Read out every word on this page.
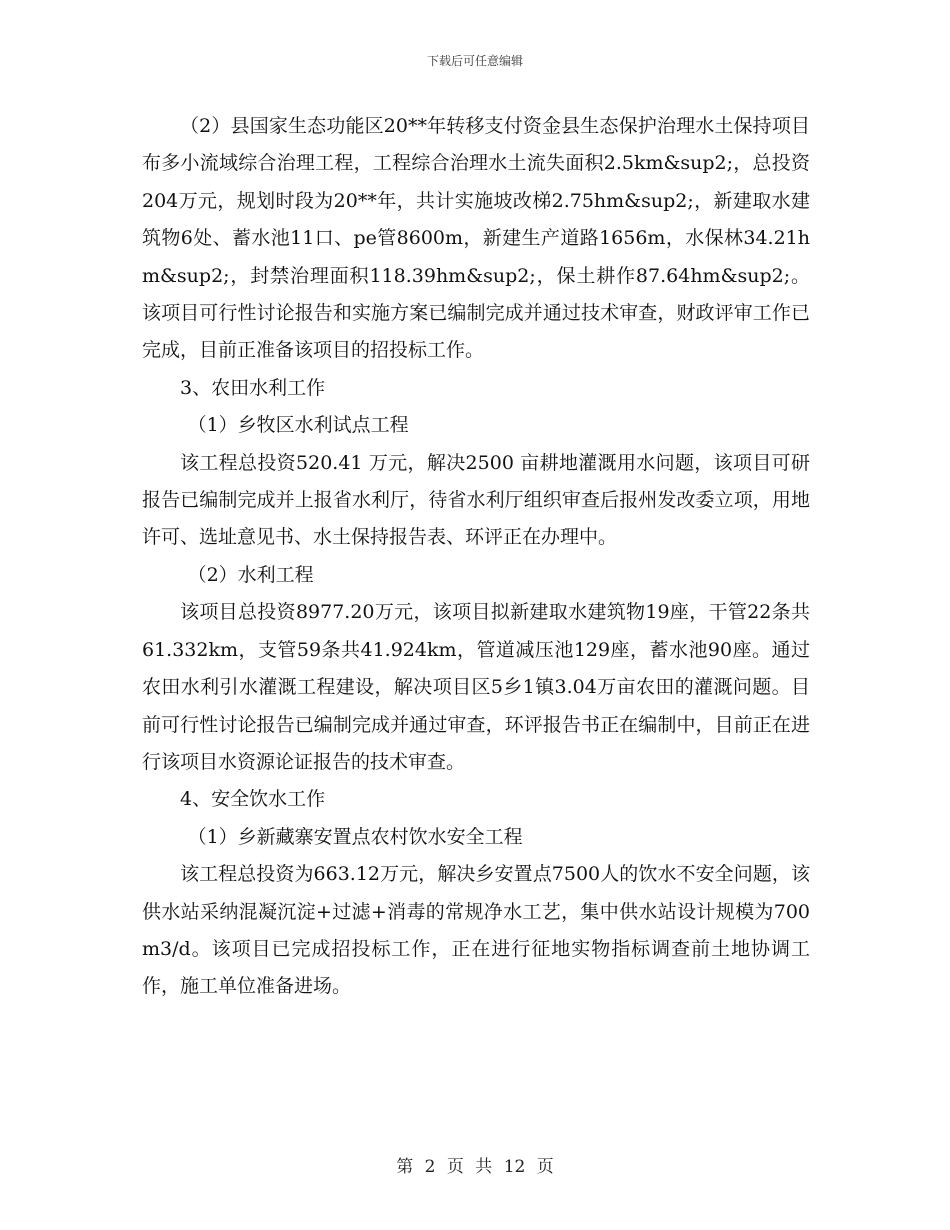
下载后可任意编辑

（2）县国家生态功能区20**年转移支付资金县生态保护治理水土保持项目布多小流域综合治理工程，工程综合治理水土流失面积2.5km&sup2;，总投资204万元，规划时段为20**年，共计实施坡改梯2.75hm&sup2;，新建取水建筑物6处、蓄水池11口、pe管8600m，新建生产道路1656m，水保林34.21hm&sup2;，封禁治理面积118.39hm&sup2;，保土耕作87.64hm&sup2;。该项目可行性讨论报告和实施方案已编制完成并通过技术审查，财政评审工作已完成，目前正准备该项目的招投标工作。

3、农田水利工作

（1）乡牧区水利试点工程

该工程总投资520.41 万元，解决2500 亩耕地灌溉用水问题，该项目可研报告已编制完成并上报省水利厅，待省水利厅组织审查后报州发改委立项，用地许可、选址意见书、水土保持报告表、环评正在办理中。

（2）水利工程

该项目总投资8977.20万元，该项目拟新建取水建筑物19座，干管22条共61.332km，支管59条共41.924km，管道减压池129座，蓄水池90座。通过农田水利引水灌溉工程建设，解决项目区5乡1镇3.04万亩农田的灌溉问题。目前可行性讨论报告已编制完成并通过审查，环评报告书正在编制中，目前正在进行该项目水资源论证报告的技术审查。

4、安全饮水工作

（1）乡新藏寨安置点农村饮水安全工程

该工程总投资为663.12万元，解决乡安置点7500人的饮水不安全问题，该供水站采纳混凝沉淀+过滤+消毒的常规净水工艺，集中供水站设计规模为700m3/d。该项目已完成招投标工作，正在进行征地实物指标调查前土地协调工作，施工单位准备进场。

第 2 页 共 12 页
